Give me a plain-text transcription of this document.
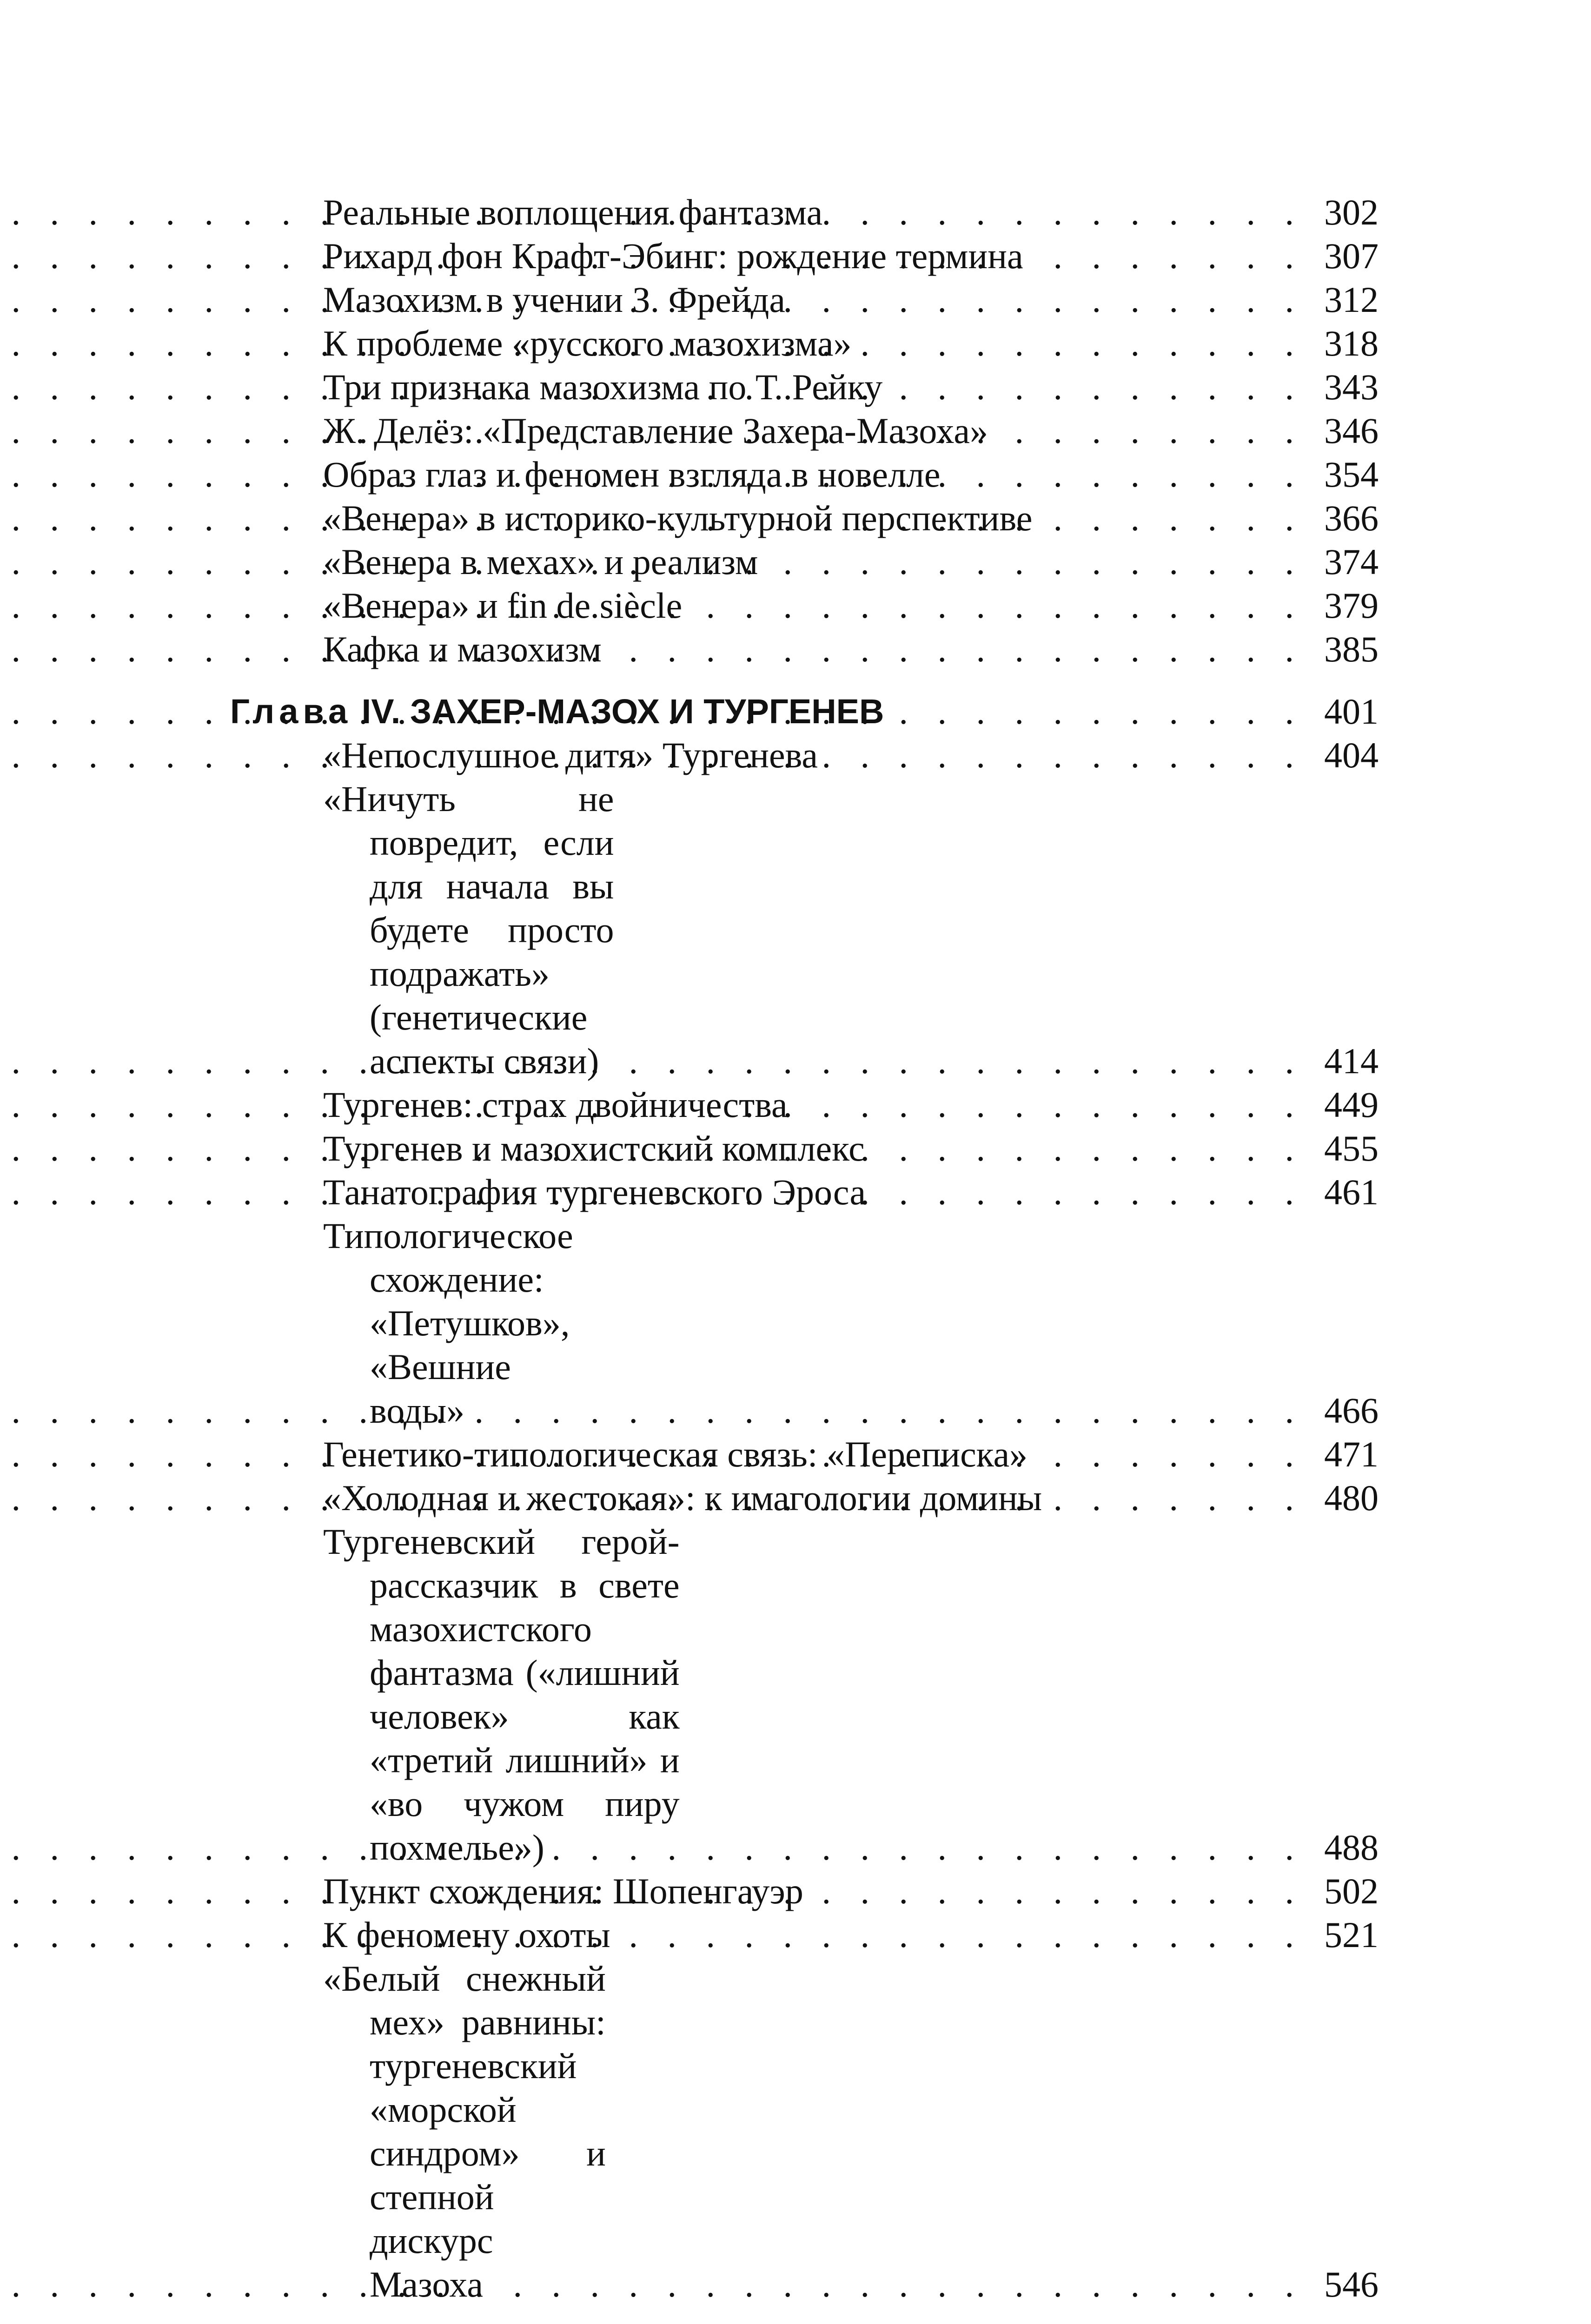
Реальные воплощения фантазма . . .	302
Рихард фон Крафт-Эбинг: рождение термина . . .	307
Мазохизм в учении З. Фрейда . . .	312
К проблеме «русского мазохизма» . . .	318
Три признака мазохизма по Т. Рейку . . .	343
Ж. Делёз: «Представление Захера-Мазоха» . . .	346
Образ глаз и феномен взгляда в новелле . . .	354
«Венера» в историко-культурной перспективе . . .	366
«Венера в мехах» и реализм . . .	374
«Венера» и fin de siècle . . .	379
Кафка и мазохизм . . .	385
Глава IV. ЗАХЕР-МАЗОХ И ТУРГЕНЕВ . . .	401
«Непослушное дитя» Тургенева . . .	404
«Ничуть не повредит, если для начала вы будете просто подражать» (генетические аспекты связи) . . .	414
Тургенев: страх двойничества . . .	449
Тургенев и мазохистский комплекс . . .	455
Танатография тургеневского Эроса . . .	461
Типологическое схождение: «Петушков», «Вешние воды» . . .	466
Генетико-типологическая связь: «Переписка» . . .	471
«Холодная и жестокая»: к имагологии домины . . .	480
Тургеневский герой-рассказчик в свете мазохистского фантазма («лишний человек» как «третий лишний» и «во чужом пиру похмелье») . . .	488
Пункт схождения: Шопенгауэр . . .	502
К феномену охоты . . .	521
«Белый снежный мех» равнины: тургеневский «морской синдром» и степной дискурс Мазоха . . .	546
